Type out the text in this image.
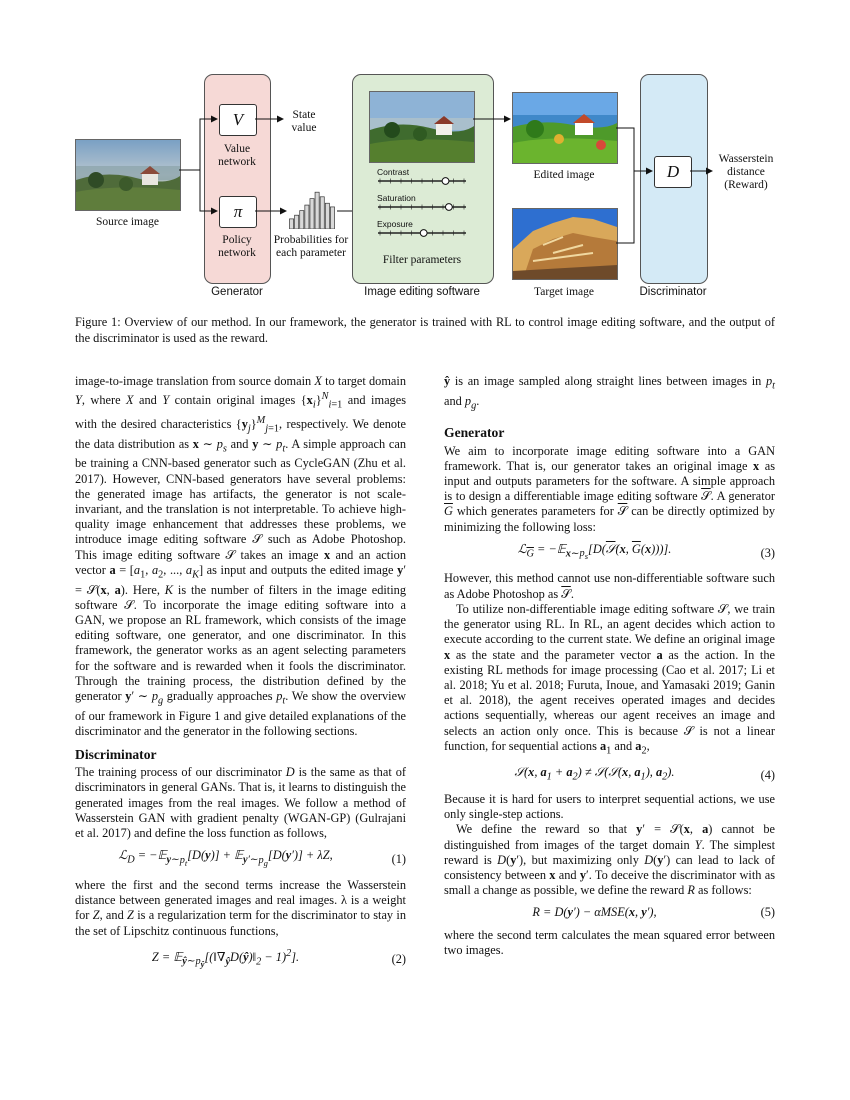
Source image
V
Value network
π
Policy network
Generator
State value
Probabilities for each parameter
Contrast
Saturation
Exposure
Filter parameters
Image editing software
Edited image
Target image
D
Discriminator
Wasserstein distance (Reward)
Figure 1: Overview of our method. In our framework, the generator is trained with RL to control image editing software, and the output of the discriminator is used as the reward.

image-to-image translation from source domain X to target domain Y, where X and Y contain original images $\{x_i\}^N_{i=1}$ and images with the desired characteristics $\{y_j\}^M_{j=1}$, respectively. We denote the data distribution as x ∼ $p_s$ and y ∼ $p_t$. A simple approach can be training a CNN-based generator such as CycleGAN (Zhu et al. 2017). However, CNN-based generators have several problems: the generated image has artifacts, the generator is not scale-invariant, and the translation is not interpretable. To achieve high-quality image enhancement that addresses these problems, we introduce image editing software 𝒮 such as Adobe Photoshop. This image editing software 𝒮 takes an image x and an action vector $a = [a_1$, $a_2$, ..., $a_K$] as input and outputs the edited image y′ = 𝒮(x, a). Here, K is the number of filters in the image editing software 𝒮. To incorporate the image editing software into a GAN, we propose an RL framework, which consists of the image editing software, one generator, and one discriminator. In this framework, the generator works as an agent selecting parameters for the software and is rewarded when it fools the discriminator. Through the training process, the distribution defined by the generator y′ ∼ $p_g$ gradually approaches $p_t$. We show the overview of our framework in Figure 1 and give detailed explanations of the discriminator and the generator in the following sections.

Discriminator

The training process of our discriminator D is the same as that of discriminators in general GANs. That is, it learns to distinguish the generated images from the real images. We follow a method of Wasserstein GAN with gradient penalty (WGAN-GP) (Gulrajani et al. 2017) and define the loss function as follows,

ℒ$_D$ = −𝔼$_{y\sim p_t}$[D(y)] + 𝔼$_{y'\sim p_g}$[D(y′)] + λZ,	(1)

where the first and the second terms increase the Wasserstein distance between generated images and real images. λ is a weight for Z, and Z is a regularization term for the discriminator to stay in the set of Lipschitz continuous functions,

$Z = 𝔼_{ŷ\sim p_ŷ}[(‖\nabla_ŷD(ŷ)‖_2 - 1)^2]$.	(2)

ŷ is an image sampled along straight lines between images in $p_t$ and $p_g$.

Generator

We aim to incorporate image editing software into a GAN framework. That is, our generator takes an original image x as input and outputs parameters for the software. A simple approach is to design a differentiable image editing software 𝒮. A generator $\overline{G}$ which generates parameters for 𝒮 can be directly optimized by minimizing the following loss:

ℒ$_{\overline{G}}$ = −𝔼$_{x\sim p_s}$[D(𝒮(x, $\overline{G}(x)$))].	(3)

However, this method cannot use non-differentiable software such as Adobe Photoshop as 𝒮.

To utilize non-differentiable image editing software 𝒮, we train the generator using RL. In RL, an agent decides which action to execute according to the current state. We define an original image x as the state and the parameter vector a as the action. In the existing RL methods for image processing (Cao et al. 2017; Li et al. 2018; Yu et al. 2018; Furuta, Inoue, and Yamasaki 2019; Ganin et al. 2018), the agent receives operated images and decides actions sequentially, whereas our agent receives an image and selects an action only once. This is because 𝒮 is not a linear function, for sequential actions $a_1$ and $a_2$,

𝒮(x, $a_1 + a_2$) ≠ 𝒮(𝒮(x, $a_1$), $a_2$).	(4)

Because it is hard for users to interpret sequential actions, we use only single-step actions.

We define the reward so that y′ = 𝒮(x, a) cannot be distinguished from images of the target domain Y. The simplest reward is D(y′), but maximizing only D(y′) can lead to lack of consistency between x and y′. To deceive the discriminator with as small a change as possible, we define the reward R as follows:

R = D(y′) − αMSE(x, y′),	(5)

where the second term calculates the mean squared error between two images.
